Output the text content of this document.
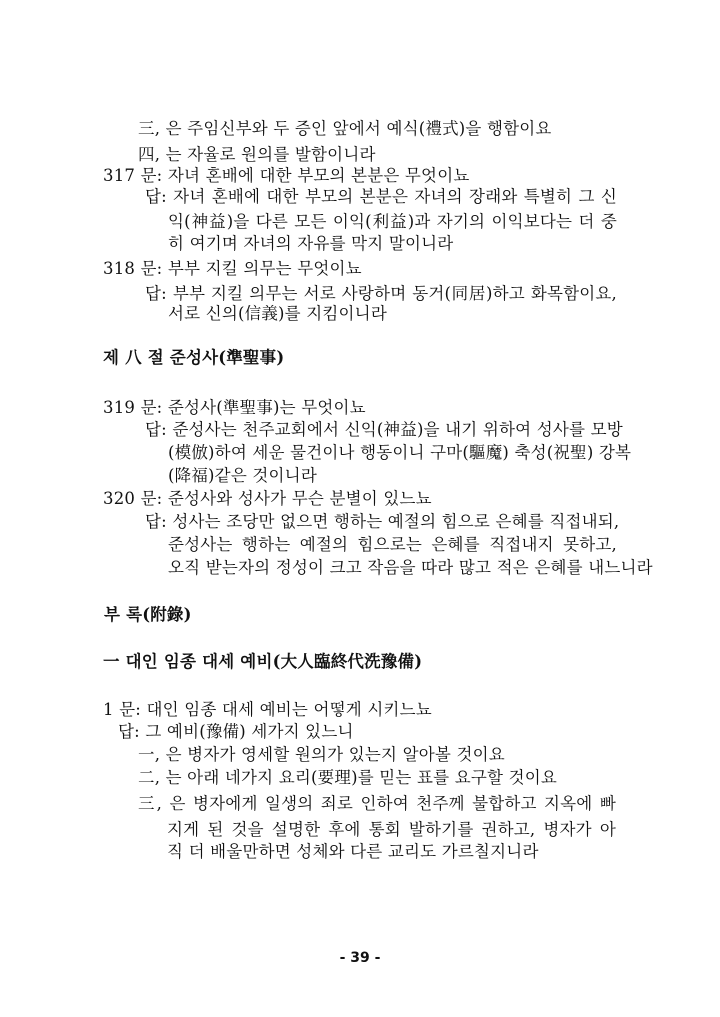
三, 은 주임신부와 두 증인 앞에서 예식(禮式)을 행함이요
四, 는 자율로 원의를 발함이니라
317 문: 자녀 혼배에 대한 부모의 본분은 무엇이뇨
답: 자녀 혼배에 대한 부모의 본분은 자녀의 장래와 특별히 그 신
익(神益)을 다른 모든 이익(利益)과 자기의 이익보다는 더 중
히 여기며 자녀의 자유를 막지 말이니라
318 문: 부부 지킬 의무는 무엇이뇨
답: 부부 지킬 의무는 서로 사랑하며 동거(同居)하고 화목함이요,
서로 신의(信義)를 지킴이니라
제 八 절 준성사(準聖事)
319 문: 준성사(準聖事)는 무엇이뇨
답: 준성사는 천주교회에서 신익(神益)을 내기 위하여 성사를 모방
(模倣)하여 세운 물건이나 행동이니 구마(驅魔) 축성(祝聖) 강복
(降福)같은 것이니라
320 문: 준성사와 성사가 무슨 분별이 있느뇨
답: 성사는 조당만 없으면 행하는 예절의 힘으로 은혜를 직접내되,
준성사는 행하는 예절의 힘으로는 은혜를 직접내지 못하고,
오직 받는자의 정성이 크고 작음을 따라 많고 적은 은혜를 내느니라
부 록(附錄)
一 대인 임종 대세 예비(大人臨終代洗豫備)
1 문: 대인 임종 대세 예비는 어떻게 시키느뇨
답: 그 예비(豫備) 세가지 있느니
一, 은 병자가 영세할 원의가 있는지 알아볼 것이요
二, 는 아래 네가지 요리(要理)를 믿는 표를 요구할 것이요
三, 은 병자에게 일생의 죄로 인하여 천주께 불합하고 지옥에 빠
지게 된 것을 설명한 후에 통회 발하기를 권하고, 병자가 아
직 더 배울만하면 성체와 다른 교리도 가르칠지니라
- 39 -
